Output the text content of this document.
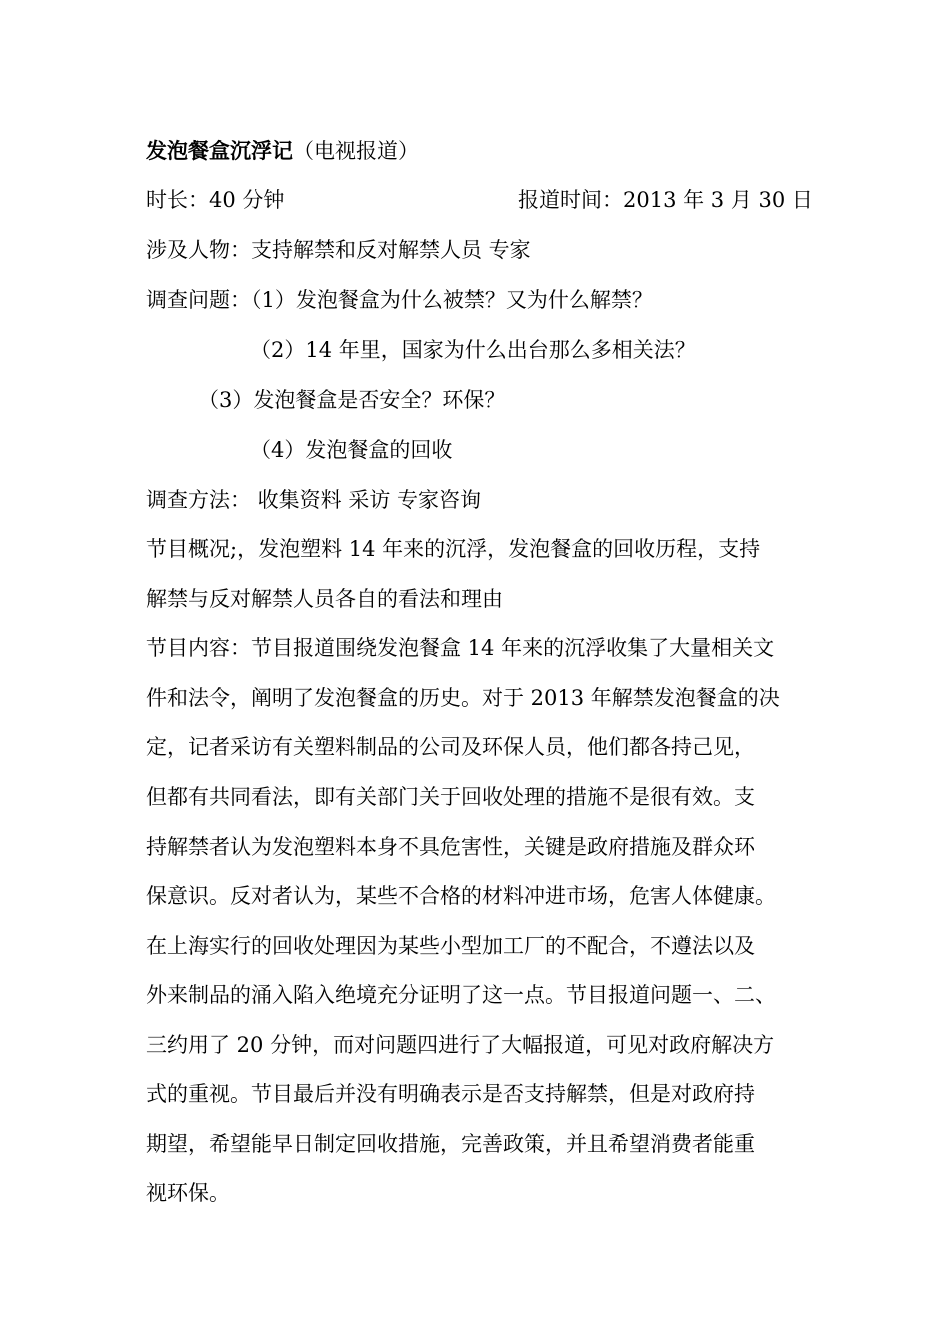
发泡餐盒沉浮记（电视报道）
时长：40 分钟	报道时间：2013 年 3 月 30 日
涉及人物：支持解禁和反对解禁人员 专家
调查问题：（1）发泡餐盒为什么被禁？又为什么解禁？
（2）14 年里，国家为什么出台那么多相关法？
（3）发泡餐盒是否安全？环保？
（4）发泡餐盒的回收
调查方法： 收集资料 采访 专家咨询
节目概况;，发泡塑料 14 年来的沉浮，发泡餐盒的回收历程，支持
解禁与反对解禁人员各自的看法和理由
节目内容：节目报道围绕发泡餐盒 14 年来的沉浮收集了大量相关文
件和法令，阐明了发泡餐盒的历史。对于 2013 年解禁发泡餐盒的决
定，记者采访有关塑料制品的公司及环保人员，他们都各持己见，
但都有共同看法，即有关部门关于回收处理的措施不是很有效。支
持解禁者认为发泡塑料本身不具危害性，关键是政府措施及群众环
保意识。反对者认为，某些不合格的材料冲进市场，危害人体健康。
在上海实行的回收处理因为某些小型加工厂的不配合，不遵法以及
外来制品的涌入陷入绝境充分证明了这一点。节目报道问题一、二、
三约用了 20 分钟，而对问题四进行了大幅报道，可见对政府解决方
式的重视。节目最后并没有明确表示是否支持解禁，但是对政府持
期望，希望能早日制定回收措施，完善政策，并且希望消费者能重
视环保。
